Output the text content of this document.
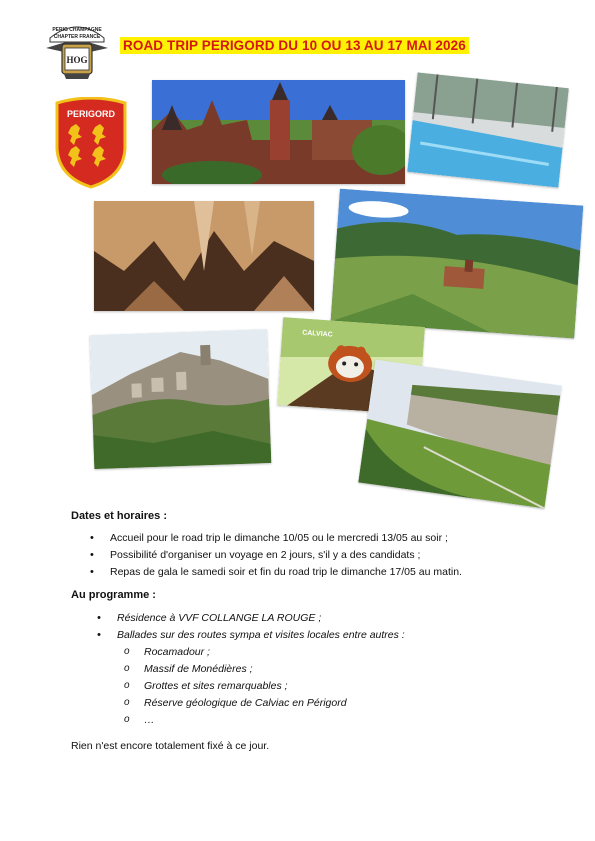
PERIG CHAMPAGNE
CHAPTER FRANCE
HOG
ROAD TRIP PERIGORD DU 10 OU 13 AU 17 MAI 2026
PERIGORD
CALVIAC
Dates et horaires :
• Accueil pour le road trip le dimanche 10/05 ou le mercredi 13/05 au soir ;
• Possibilité d'organiser un voyage en 2 jours, s'il y a des candidats ;
• Repas de gala le samedi soir et fin du road trip le dimanche 17/05 au matin.
Au programme :
• Résidence à VVF COLLANGE LA ROUGE ;
• Ballades sur des routes sympa et visites locales entre autres :
o Rocamadour ;
o Massif de Monédières ;
o Grottes et sites remarquables ;
o Réserve géologique de Calviac en Périgord
o …
Rien n'est encore totalement fixé à ce jour.
